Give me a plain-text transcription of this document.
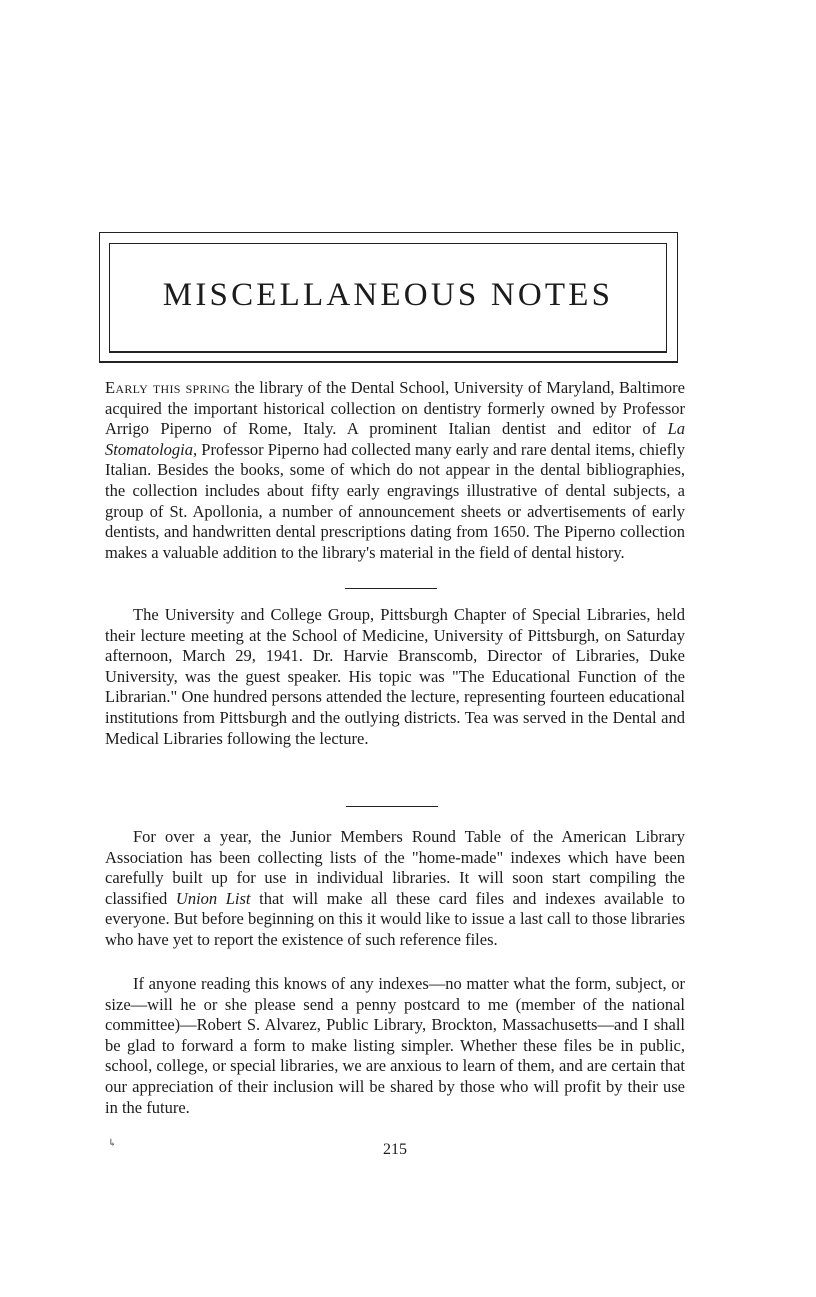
MISCELLANEOUS NOTES

Early this spring the library of the Dental School, University of Maryland, Baltimore acquired the important historical collection on dentistry formerly owned by Professor Arrigo Piperno of Rome, Italy. A prominent Italian dentist and editor of La Stomatologia, Professor Piperno had collected many early and rare dental items, chiefly Italian. Besides the books, some of which do not appear in the dental bibliographies, the collection includes about fifty early engravings illustrative of dental subjects, a group of St. Apollonia, a number of announcement sheets or advertisements of early dentists, and handwritten dental prescriptions dating from 1650. The Piperno collection makes a valuable addition to the library's material in the field of dental history.

The University and College Group, Pittsburgh Chapter of Special Libraries, held their lecture meeting at the School of Medicine, University of Pittsburgh, on Saturday afternoon, March 29, 1941. Dr. Harvie Branscomb, Director of Libraries, Duke University, was the guest speaker. His topic was "The Educational Function of the Librarian." One hundred persons attended the lecture, representing fourteen educational institutions from Pittsburgh and the outlying districts. Tea was served in the Dental and Medical Libraries following the lecture.

For over a year, the Junior Members Round Table of the American Library Association has been collecting lists of the "home-made" indexes which have been carefully built up for use in individual libraries. It will soon start compiling the classified Union List that will make all these card files and indexes available to everyone. But before beginning on this it would like to issue a last call to those libraries who have yet to report the existence of such reference files.

If anyone reading this knows of any indexes—no matter what the form, subject, or size—will he or she please send a penny postcard to me (member of the national committee)—Robert S. Alvarez, Public Library, Brockton, Massachusetts—and I shall be glad to forward a form to make listing simpler. Whether these files be in public, school, college, or special libraries, we are anxious to learn of them, and are certain that our appreciation of their inclusion will be shared by those who will profit by their use in the future.

↳	215
